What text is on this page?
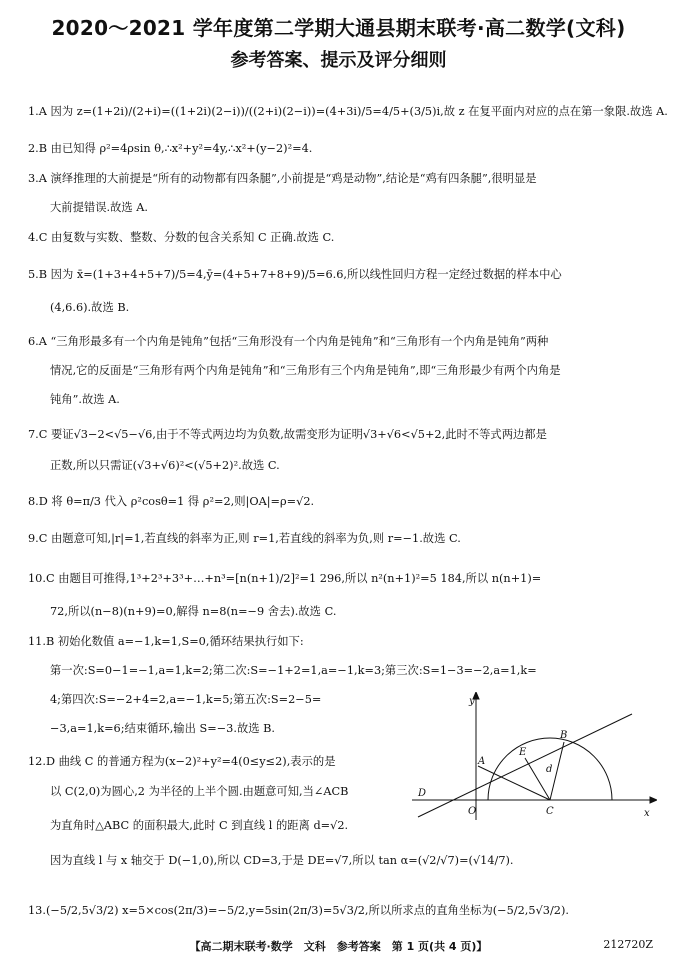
2020～2021 学年度第二学期大通县期末联考·高二数学(文科)
参考答案、提示及评分细则
1.A 因为 z=(1+2i)/(2+i)=((1+2i)(2−i))/((2+i)(2−i))=(4+3i)/5=4/5+(3/5)i,故 z 在复平面内对应的点在第一象限.故选 A.
2.B 由已知得 ρ²=4ρsin θ,∴x²+y²=4y,∴x²+(y−2)²=4.
3.A 演绎推理的大前提是“所有的动物都有四条腿”,小前提是“鸡是动物”,结论是“鸡有四条腿”,很明显是
大前提错误.故选 A.
4.C 由复数与实数、整数、分数的包含关系知 C 正确.故选 C.
5.B 因为 x̄=(1+3+4+5+7)/5=4,ȳ=(4+5+7+8+9)/5=6.6,所以线性回归方程一定经过数据的样本中心
(4,6.6).故选 B.
6.A “三角形最多有一个内角是钝角”包括“三角形没有一个内角是钝角”和“三角形有一个内角是钝角”两种
情况,它的反面是“三角形有两个内角是钝角”和“三角形有三个内角是钝角”,即“三角形最少有两个内角是
钝角”.故选 A.
7.C 要证√3−2<√5−√6,由于不等式两边均为负数,故需变形为证明√3+√6<√5+2,此时不等式两边都是
正数,所以只需证(√3+√6)²<(√5+2)².故选 C.
8.D 将 θ=π/3 代入 ρ²cosθ=1 得 ρ²=2,则|OA|=ρ=√2.
9.C 由题意可知,|r|=1,若直线的斜率为正,则 r=1,若直线的斜率为负,则 r=−1.故选 C.
10.C 由题目可推得,1³+2³+3³+…+n³=[n(n+1)/2]²=1 296,所以 n²(n+1)²=5 184,所以 n(n+1)=
72,所以(n−8)(n+9)=0,解得 n=8(n=−9 舍去).故选 C.
11.B 初始化数值 a=−1,k=1,S=0,循环结果执行如下:
第一次:S=0−1=−1,a=1,k=2;第二次:S=−1+2=1,a=−1,k=3;第三次:S=1−3=−2,a=1,k=
4;第四次:S=−2+4=2,a=−1,k=5;第五次:S=2−5=
−3,a=1,k=6;结束循环,输出 S=−3.故选 B.
12.D 曲线 C 的普通方程为(x−2)²+y²=4(0≤y≤2),表示的是
以 C(2,0)为圆心,2 为半径的上半个圆.由题意可知,当∠ACB
为直角时△ABC 的面积最大,此时 C 到直线 l 的距离 d=√2.
因为直线 l 与 x 轴交于 D(−1,0),所以 CD=3,于是 DE=√7,所以 tan α=(√2/√7)=(√14/7).
13.(−5/2,5√3/2) x=5×cos(2π/3)=−5/2,y=5sin(2π/3)=5√3/2,所以所求点的直角坐标为(−5/2,5√3/2).
y
x
A
B
E
d
D
O	C
【高二期末联考·数学　文科　参考答案　第 1 页(共 4 页)】	212720Z
